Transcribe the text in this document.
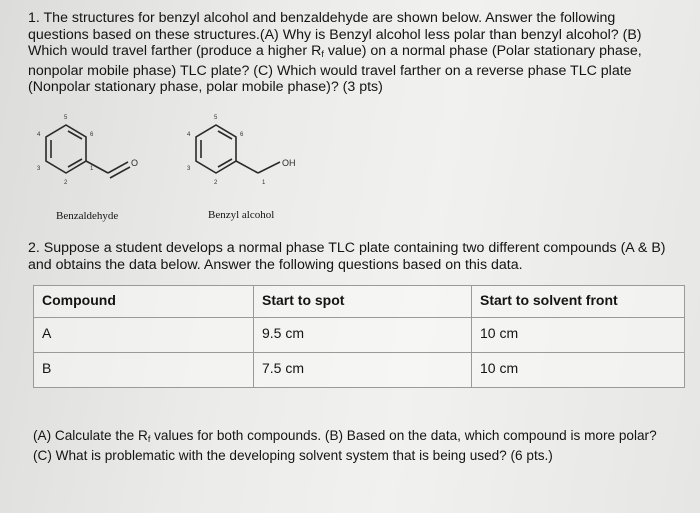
1. The structures for benzyl alcohol and benzaldehyde are shown below. Answer the following questions based on these structures.(A) Why is Benzyl alcohol less polar than benzyl alcohol? (B) Which would travel farther (produce a higher $R_f$ value) on a normal phase (Polar stationary phase, nonpolar mobile phase) TLC plate? (C) Which would travel farther on a reverse phase TLC plate (Nonpolar stationary phase, polar mobile phase)? (3 pts)

5
6
4
3
2
1
O
5
6
4
3
2	1
OH
Benzaldehyde	Benzyl alcohol

2. Suppose a student develops a normal phase TLC plate containing two different compounds (A & B) and obtains the data below. Answer the following questions based on this data.

Compound	Start to spot	Start to solvent front
A	9.5 cm	10 cm
B	7.5 cm	10 cm

(A) Calculate the $R_f$ values for both compounds. (B) Based on the data, which compound is more polar? (C) What is problematic with the developing solvent system that is being used? (6 pts.)
